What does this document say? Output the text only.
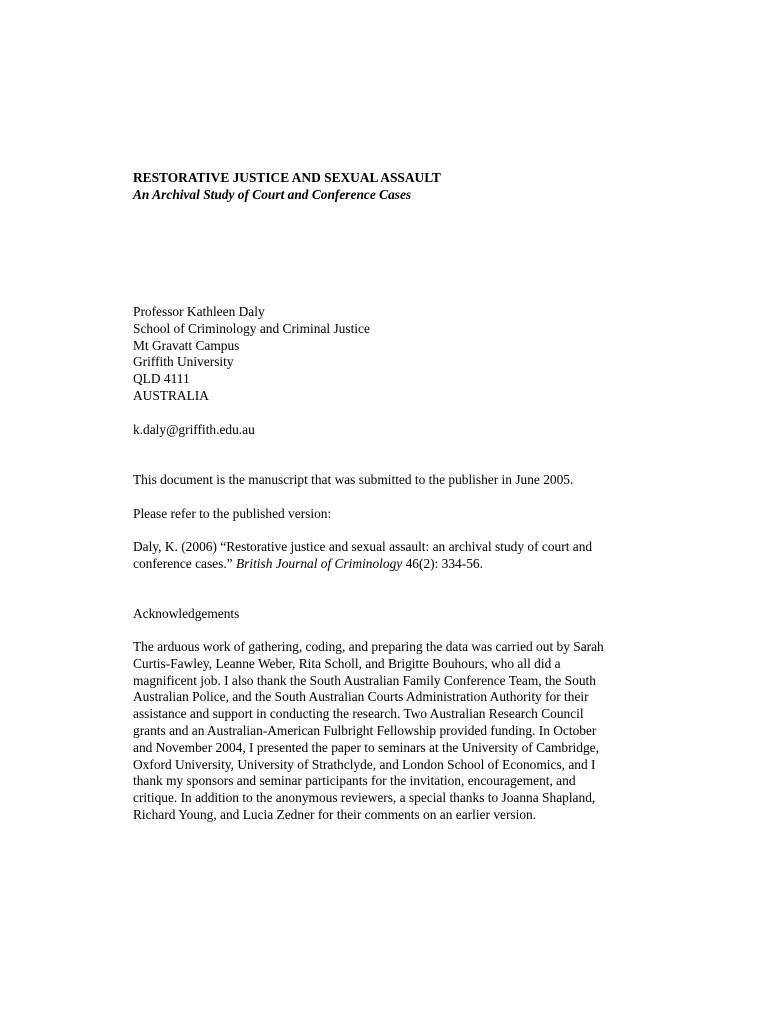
RESTORATIVE JUSTICE AND SEXUAL ASSAULT
An Archival Study of Court and Conference Cases
Professor Kathleen Daly
School of Criminology and Criminal Justice
Mt Gravatt Campus
Griffith University
QLD 4111
AUSTRALIA
k.daly@griffith.edu.au
This document is the manuscript that was submitted to the publisher in June 2005.
Please refer to the published version:
Daly, K. (2006) “Restorative justice and sexual assault: an archival study of court and
conference cases.” British Journal of Criminology 46(2): 334-56.
Acknowledgements
The arduous work of gathering, coding, and preparing the data was carried out by Sarah
Curtis-Fawley, Leanne Weber, Rita Scholl, and Brigitte Bouhours, who all did a
magnificent job. I also thank the South Australian Family Conference Team, the South
Australian Police, and the South Australian Courts Administration Authority for their
assistance and support in conducting the research. Two Australian Research Council
grants and an Australian-American Fulbright Fellowship provided funding. In October
and November 2004, I presented the paper to seminars at the University of Cambridge,
Oxford University, University of Strathclyde, and London School of Economics, and I
thank my sponsors and seminar participants for the invitation, encouragement, and
critique. In addition to the anonymous reviewers, a special thanks to Joanna Shapland,
Richard Young, and Lucia Zedner for their comments on an earlier version.
